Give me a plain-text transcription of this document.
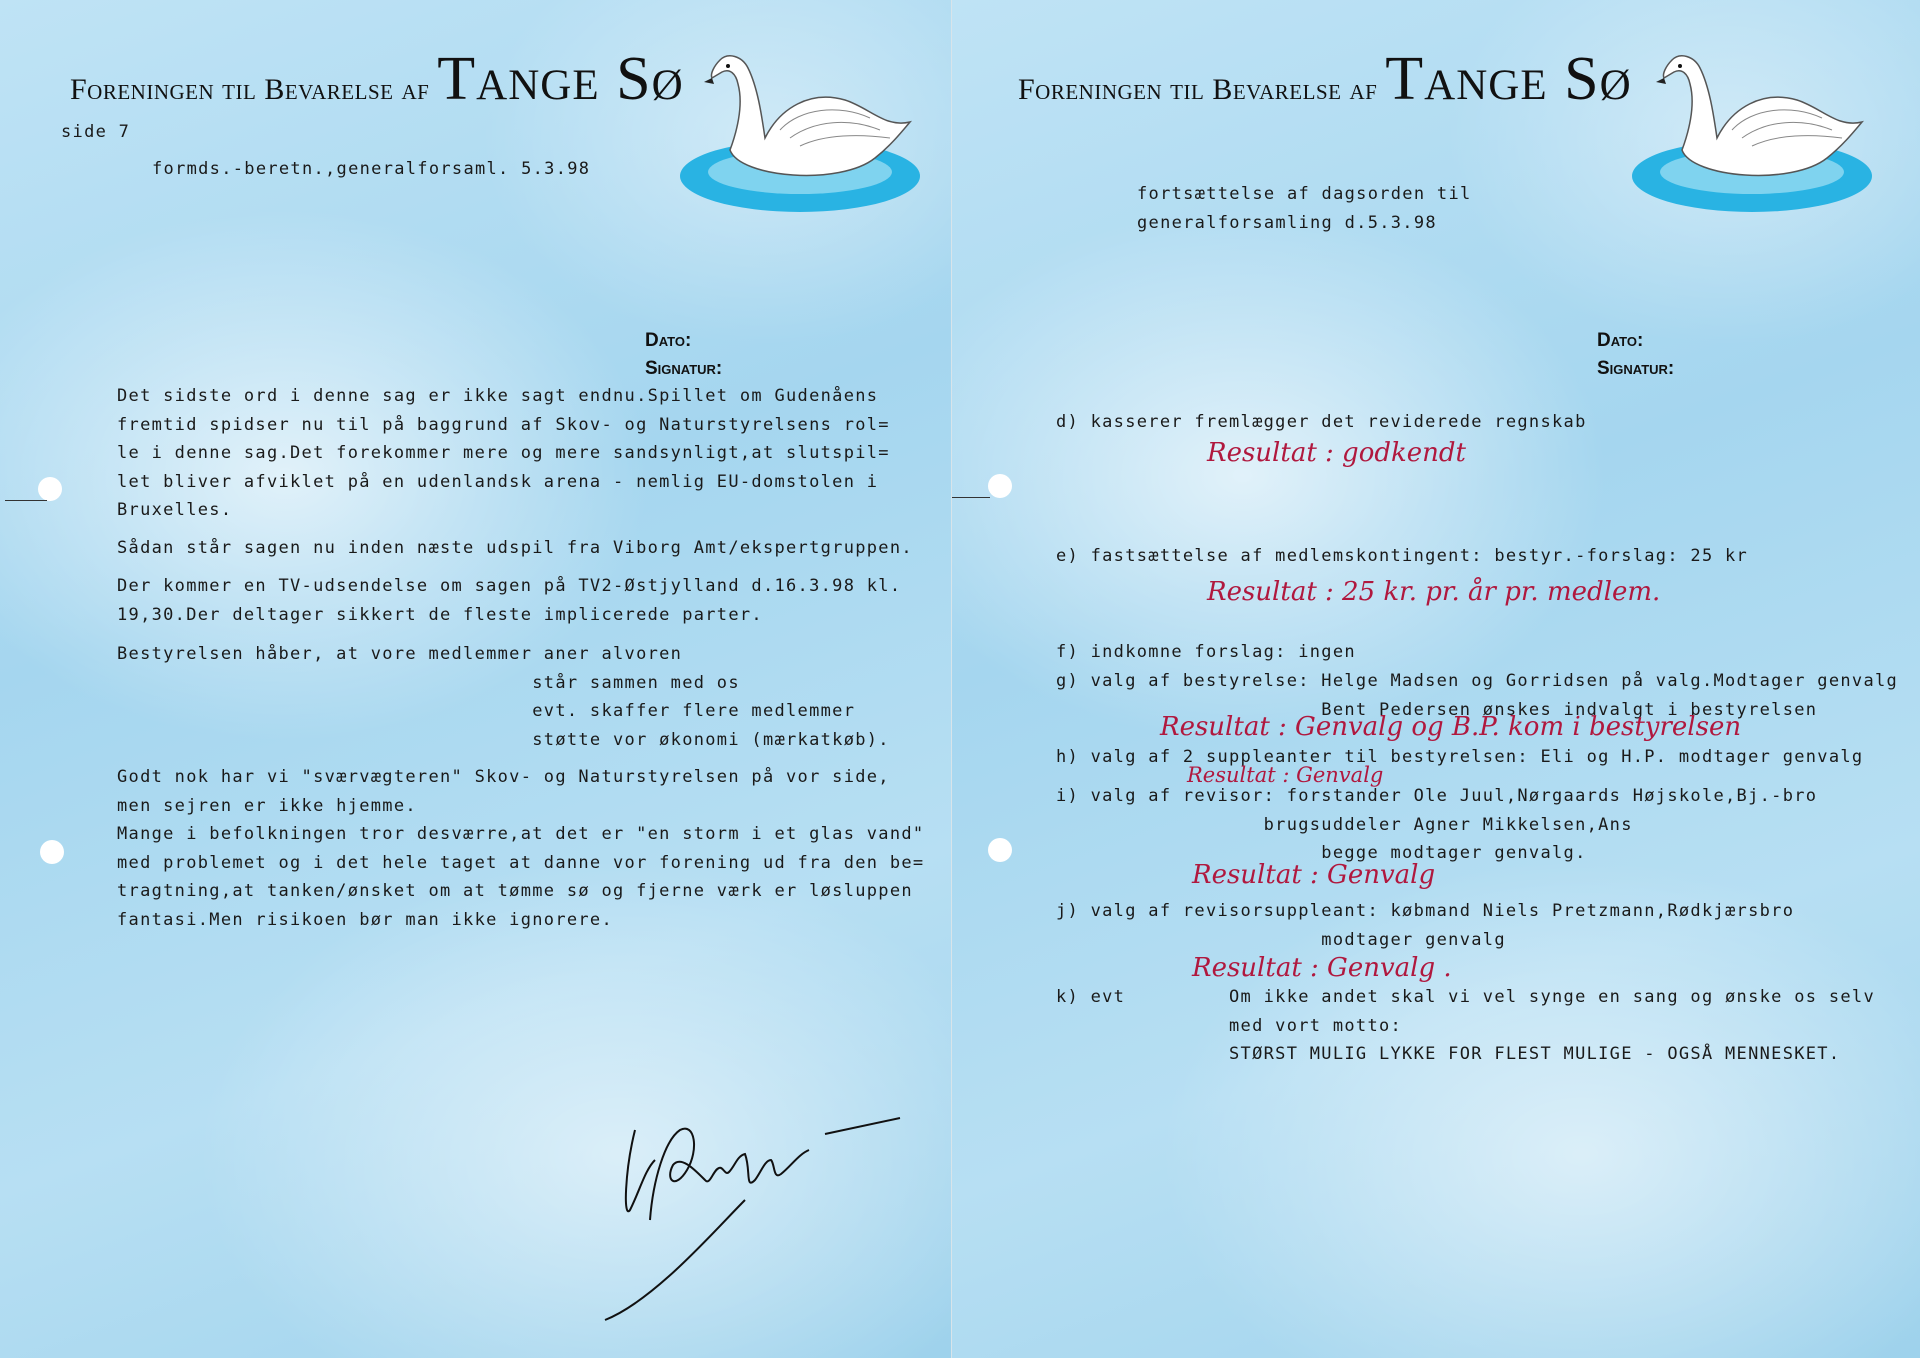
Foreningen til Bevarelse af Tange Sø
side 7
formds.-beretn.,generalforsaml. 5.3.98
Dato:
Signatur:
Det sidste ord i denne sag er ikke sagt endnu.Spillet om Gudenåens
fremtid spidser nu til på baggrund af Skov- og Naturstyrelsens rol=
le i denne sag.Det forekommer mere og mere sandsynligt,at slutspil=
let bliver afviklet på en udenlandsk arena - nemlig EU-domstolen i
Bruxelles.
Sådan står sagen nu inden næste udspil fra Viborg Amt/ekspertgruppen.
Der kommer en TV-udsendelse om sagen på TV2-Østjylland d.16.3.98 kl.
19,30.Der deltager sikkert de fleste implicerede parter.
Bestyrelsen håber, at vore medlemmer aner alvoren
står sammen med os
evt. skaffer flere medlemmer
støtte vor økonomi (mærkatkøb).
Godt nok har vi "sværvægteren" Skov- og Naturstyrelsen på vor side,
men sejren er ikke hjemme.
Mange i befolkningen tror desværre,at det er "en storm i et glas vand"
med problemet og i det hele taget at danne vor forening ud fra den be=
tragtning,at tanken/ønsket om at tømme sø og fjerne værk er løsluppen
fantasi.Men risikoen bør man ikke ignorere.
Foreningen til Bevarelse af Tange Sø
fortsættelse af dagsorden til
generalforsamling d.5.3.98
Dato:
Signatur:
d) kasserer fremlægger det reviderede regnskab
Resultat : godkendt
e) fastsættelse af medlemskontingent: bestyr.-forslag: 25 kr
Resultat : 25 kr. pr. år pr. medlem.
f) indkomne forslag: ingen
g) valg af bestyrelse: Helge Madsen og Gorridsen på valg.Modtager genvalg
Bent Pedersen ønskes indvalgt i bestyrelsen
Resultat : Genvalg og B.P. kom i bestyrelsen
h) valg af 2 suppleanter til bestyrelsen: Eli og H.P. modtager genvalg
Resultat : Genvalg
i) valg af revisor: forstander Ole Juul,Nørgaards Højskole,Bj.-bro
brugsuddeler Agner Mikkelsen,Ans
begge modtager genvalg.
Resultat : Genvalg
j) valg af revisorsuppleant: købmand Niels Pretzmann,Rødkjærsbro
modtager genvalg
Resultat : Genvalg .
k) evt         Om ikke andet skal vi vel synge en sang og ønske os selv
med vort motto:
STØRST MULIG LYKKE FOR FLEST MULIGE - OGSÅ MENNESKET.
